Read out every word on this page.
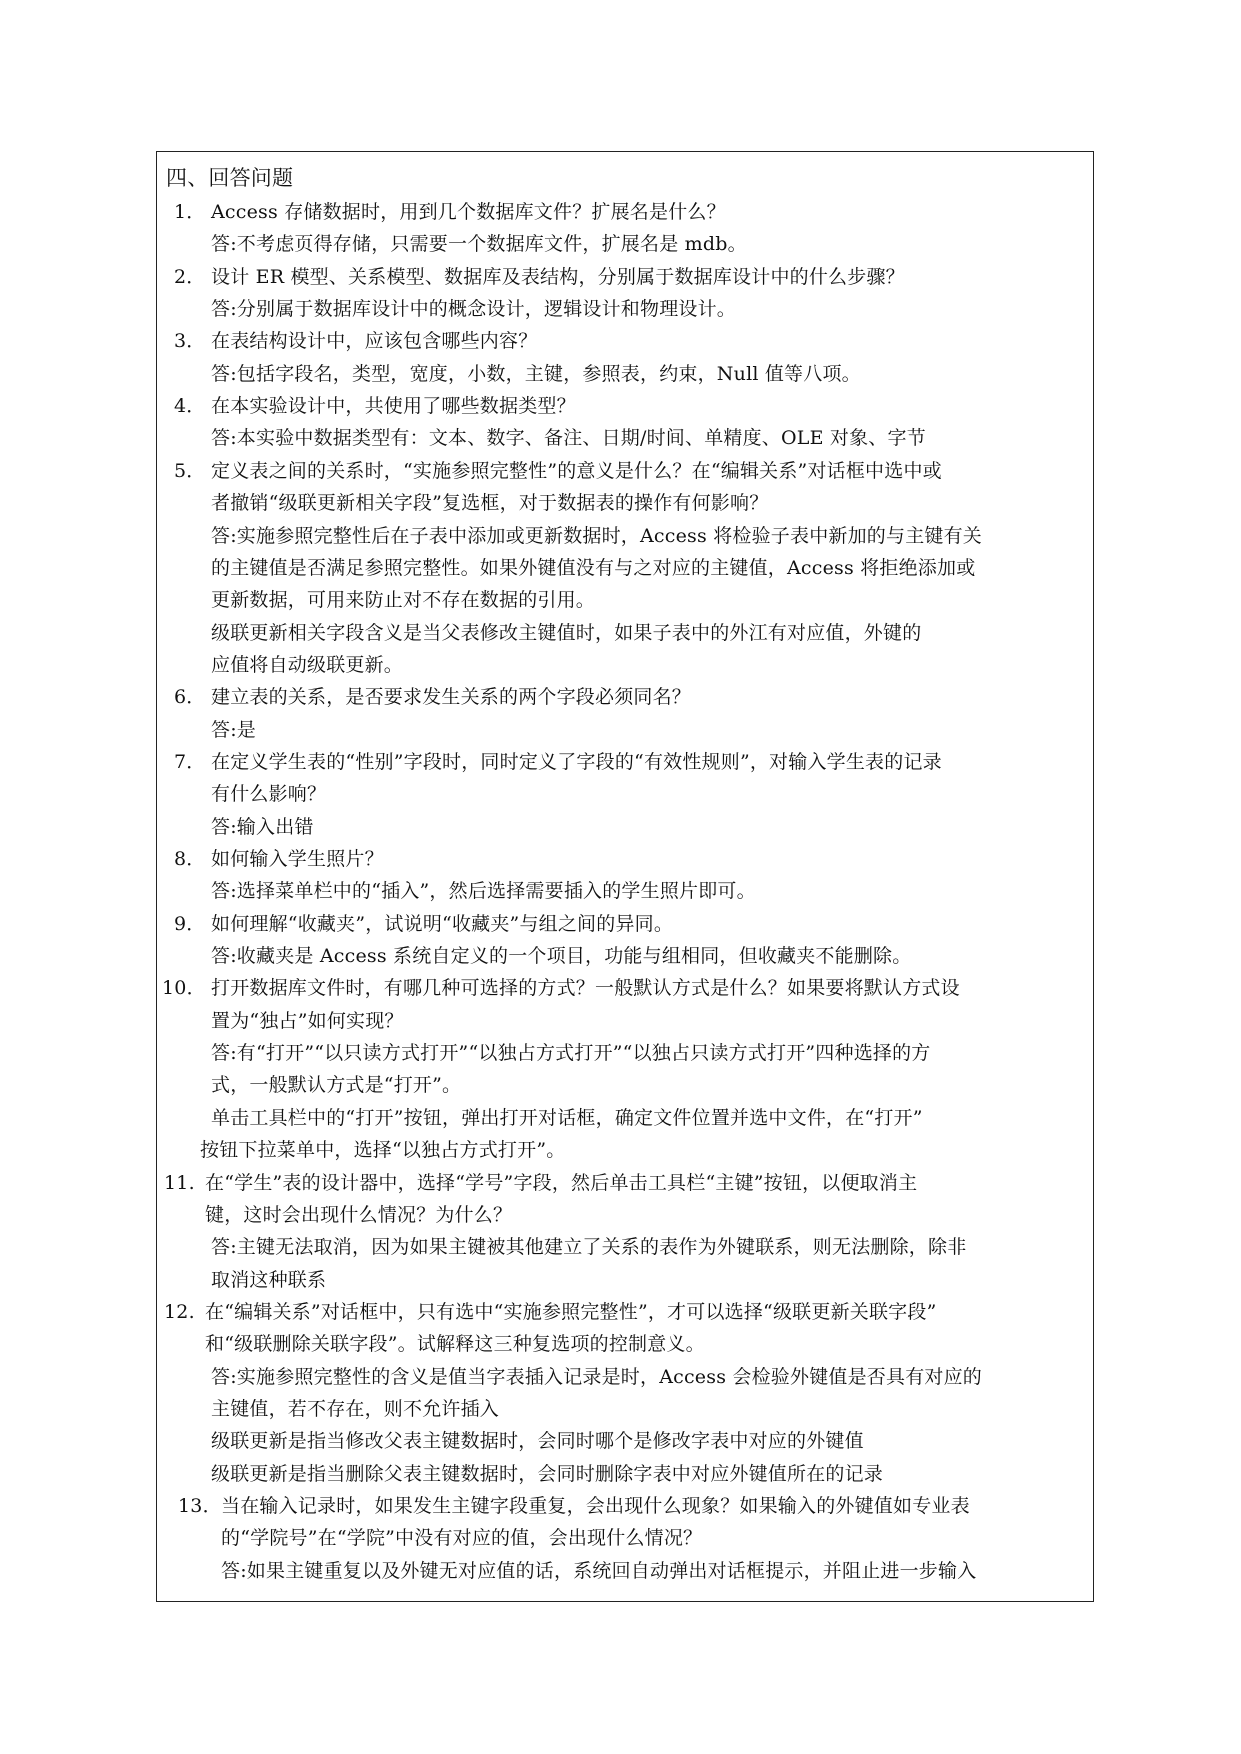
四、回答问题
1． Access 存储数据时，用到几个数据库文件？扩展名是什么？
答:不考虑页得存储，只需要一个数据库文件，扩展名是 mdb。
2． 设计 ER 模型、关系模型、数据库及表结构，分别属于数据库设计中的什么步骤？
答:分别属于数据库设计中的概念设计，逻辑设计和物理设计。
3． 在表结构设计中，应该包含哪些内容？
答:包括字段名，类型，宽度，小数，主键，参照表，约束，Null 值等八项。
4． 在本实验设计中，共使用了哪些数据类型？
答:本实验中数据类型有：文本、数字、备注、日期/时间、单精度、OLE 对象、字节
5． 定义表之间的关系时，“实施参照完整性”的意义是什么？在“编辑关系”对话框中选中或
者撤销“级联更新相关字段”复选框，对于数据表的操作有何影响？
答:实施参照完整性后在子表中添加或更新数据时，Access 将检验子表中新加的与主键有关
的主键值是否满足参照完整性。如果外键值没有与之对应的主键值，Access 将拒绝添加或
更新数据，可用来防止对不存在数据的引用。
级联更新相关字段含义是当父表修改主键值时，如果子表中的外江有对应值，外键的
应值将自动级联更新。
6． 建立表的关系，是否要求发生关系的两个字段必须同名？
答:是
7． 在定义学生表的“性别”字段时，同时定义了字段的“有效性规则”，对输入学生表的记录
有什么影响？
答:输入出错
8． 如何输入学生照片？
答:选择菜单栏中的“插入”，然后选择需要插入的学生照片即可。
9． 如何理解“收藏夹”，试说明“收藏夹”与组之间的异同。
答:收藏夹是 Access 系统自定义的一个项目，功能与组相同，但收藏夹不能删除。
10． 打开数据库文件时，有哪几种可选择的方式？一般默认方式是什么？如果要将默认方式设
置为“独占”如何实现？
答:有“打开”“以只读方式打开”“以独占方式打开”“以独占只读方式打开”四种选择的方
式，一般默认方式是“打开”。
单击工具栏中的“打开”按钮，弹出打开对话框，确定文件位置并选中文件，在“打开”
按钮下拉菜单中，选择“以独占方式打开”。
11. 在“学生”表的设计器中，选择“学号”字段，然后单击工具栏“主键”按钮，以便取消主
键，这时会出现什么情况？为什么？
答:主键无法取消，因为如果主键被其他建立了关系的表作为外键联系，则无法删除，除非
取消这种联系
12. 在“编辑关系”对话框中，只有选中“实施参照完整性”，才可以选择“级联更新关联字段”
和“级联删除关联字段”。试解释这三种复选项的控制意义。
答:实施参照完整性的含义是值当字表插入记录是时，Access 会检验外键值是否具有对应的
主键值，若不存在，则不允许插入
级联更新是指当修改父表主键数据时，会同时哪个是修改字表中对应的外键值
级联更新是指当删除父表主键数据时，会同时删除字表中对应外键值所在的记录
13． 当在输入记录时，如果发生主键字段重复，会出现什么现象？如果输入的外键值如专业表
的“学院号”在“学院”中没有对应的值，会出现什么情况？
答:如果主键重复以及外键无对应值的话，系统回自动弹出对话框提示，并阻止进一步输入
